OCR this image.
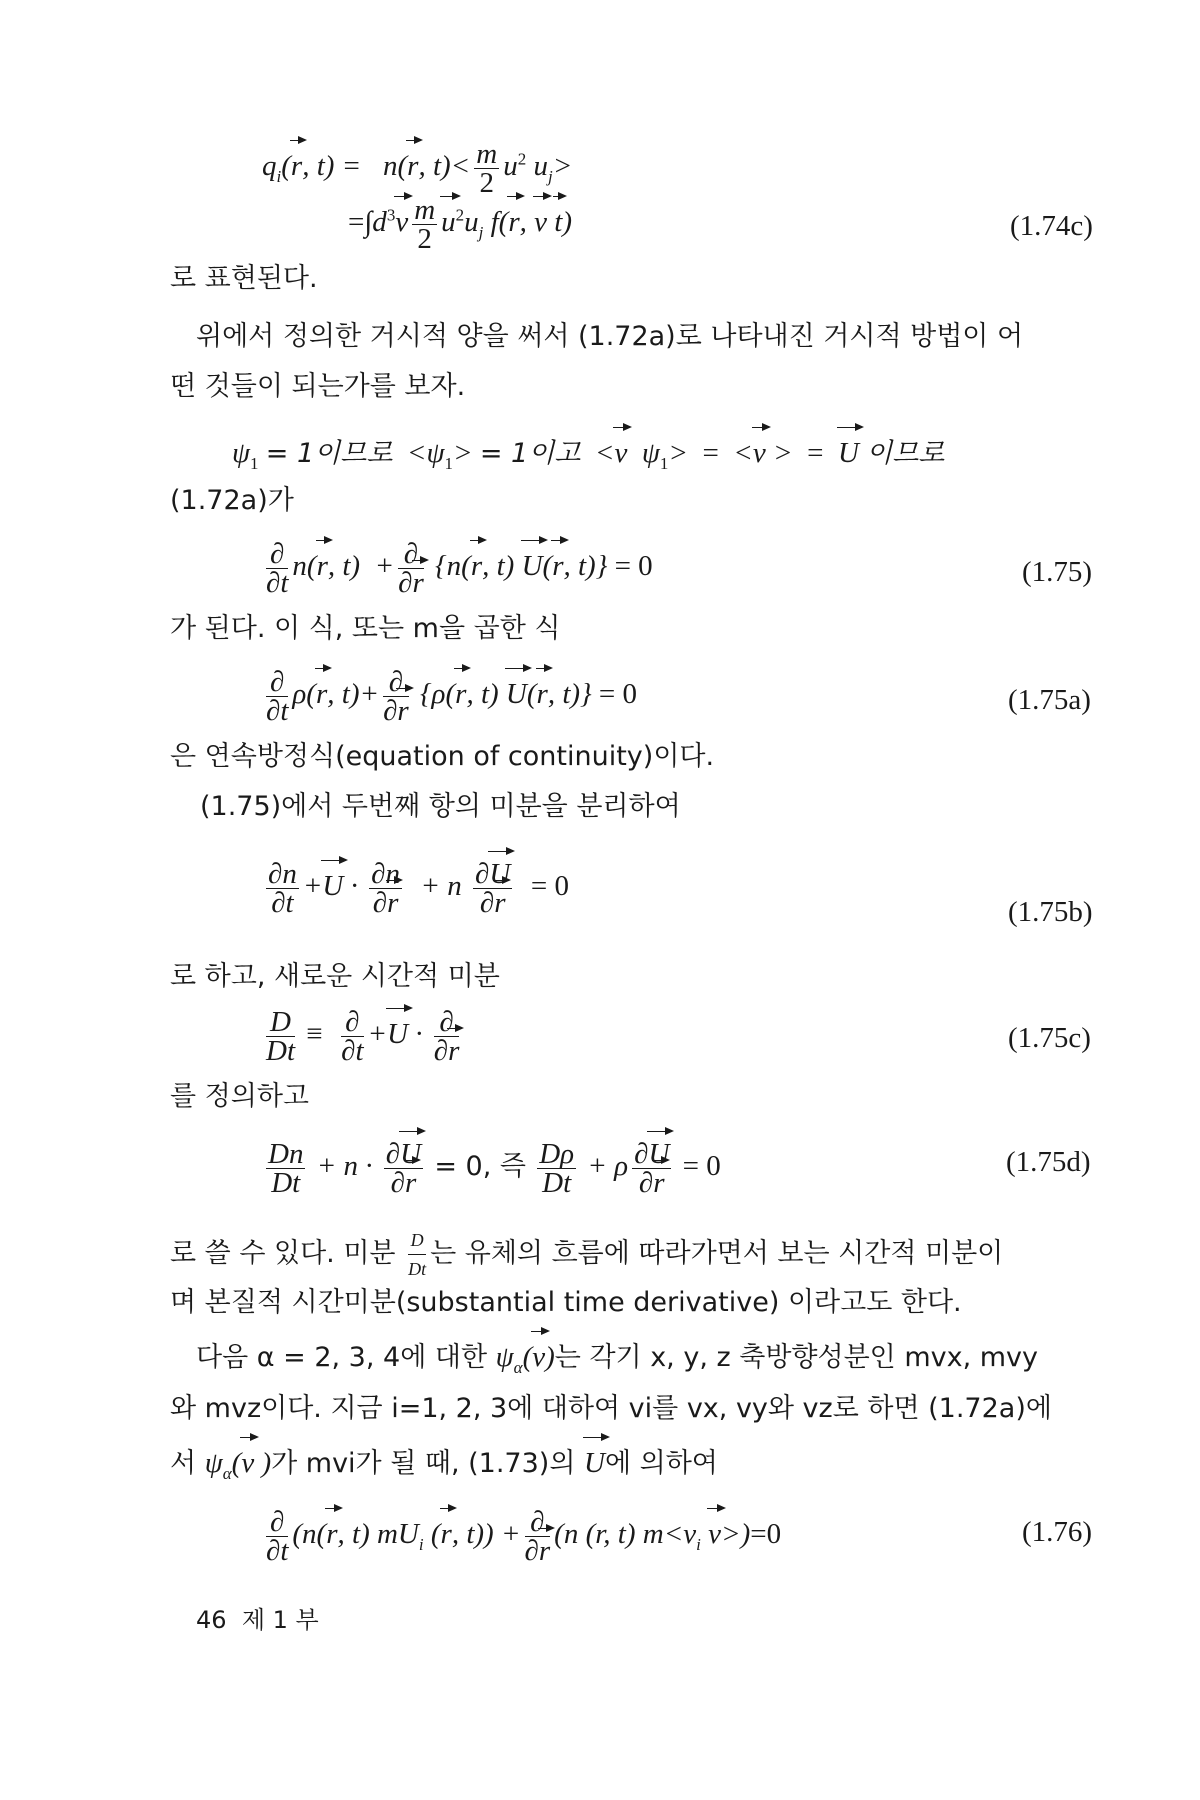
$q_i(r$, t) =   n(r, $t)< \frac{m}{2} u^2$ $u_j>$
$=\int d^3v \frac{m}{2} u^2u_j$ f(r, v t)	(1.74c)
로 표현된다.
위에서 정의한 거시적 양을 써서 (1.72a)로 나타내진 거시적 방법이 어
떤 것들이 되는가를 보자.
$\psi_1 = 1$이므로  $<\psi_1> = 1$이고  <v  $\psi_1> = <v$ >  = U 이므로
(1.72a)가
$\frac{\partial}{\partial t} n(r$, $t) + \frac{\partial}{\partial r} \{n(r$, t) U(r, t)} = 0	(1.75)
가 된다. 이 식, 또는 m을 곱한 식
$\frac{\partial}{\partial t} \rho(r$, $t)+ \frac{\partial}{\partial r} \{\rho(r$, t) U(r, t)} = 0	(1.75a)
은 연속방정식(equation of continuity)이다.
(1.75)에서 두번째 항의 미분을 분리하여
$\frac{\partial n}{\partial t} +U \cdot \frac{\partial n}{\partial r} + n \frac{\partial U}{\partial r} = 0$
(1.75b)
로 하고, 새로운 시간적 미분
$\frac{D}{Dt} \equiv \frac{\partial}{\partial t} +U \cdot \frac{\partial}{\partial r}$	(1.75c)
를 정의하고
$\frac{Dn}{Dt} + n \cdot \frac{\partial U}{\partial r} = 0$, 즉 $\frac{D\rho}{Dt} + \rho \frac{\partial U}{\partial r} = 0$	(1.75d)
로 쓸 수 있다. 미분 $\frac{D}{Dt}$ 는 유체의 흐름에 따라가면서 보는 시간적 미분이
며 본질적 시간미분(substantial time derivative) 이라고도 한다.
다음 α = 2, 3, 4에 대한 $\psi_\alpha(v)$는 각기 x, y, z 축방향성분인 mvx, mvy
와 mvz이다. 지금 i=1, 2, 3에 대하여 vi를 vx, vy와 vz로 하면 (1.72a)에
서 $\psi_\alpha(v$ )가 mvi가 될 때, (1.73)의 U에 의하여
$\frac{\partial}{\partial t} (n(r$, t) $mU_i$ (r, $t)) + \frac{\partial}{\partial r} (n$ (r, t) $m<v_i$ v>)=0	(1.76)
46 제 1 부
